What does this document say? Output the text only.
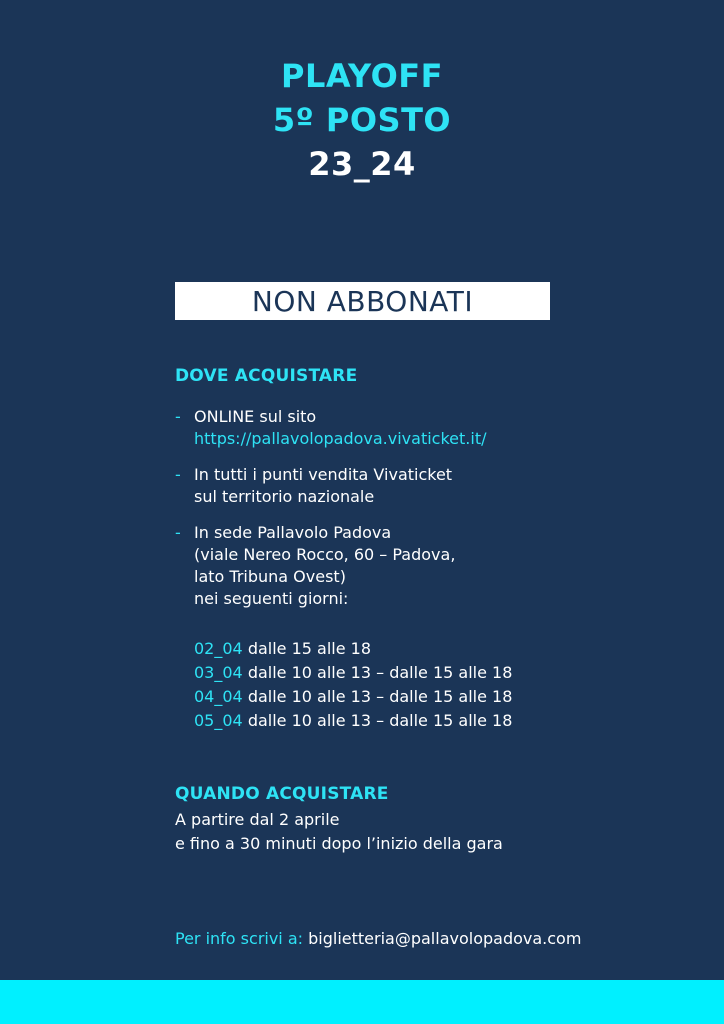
PLAYOFF
5º POSTO
23_24
NON ABBONATI
DOVE ACQUISTARE
- ONLINE sul sito
https://pallavolopadova.vivaticket.it/
- In tutti i punti vendita Vivaticket
sul territorio nazionale
- In sede Pallavolo Padova
(viale Nereo Rocco, 60 – Padova,
lato Tribuna Ovest)
nei seguenti giorni:
02_04 dalle 15 alle 18
03_04 dalle 10 alle 13 – dalle 15 alle 18
04_04 dalle 10 alle 13 – dalle 15 alle 18
05_04 dalle 10 alle 13 – dalle 15 alle 18
QUANDO ACQUISTARE
A partire dal 2 aprile
e fino a 30 minuti dopo l’inizio della gara
Per info scrivi a: biglietteria@pallavolopadova.com
